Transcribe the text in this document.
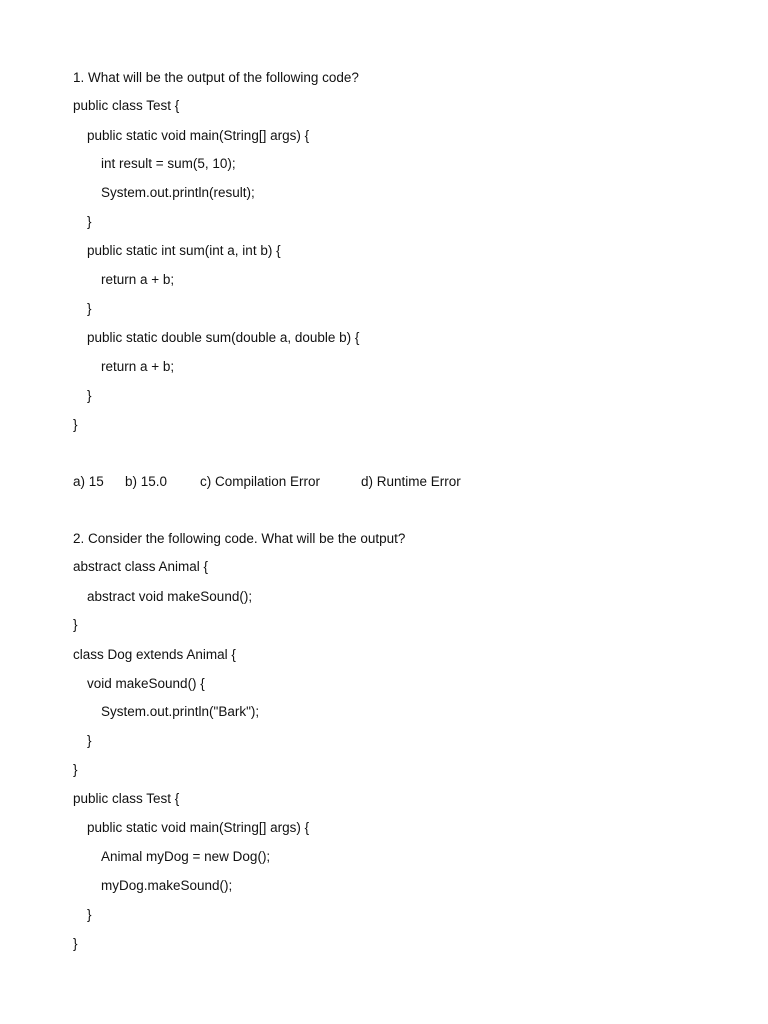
1. What will be the output of the following code?
public class Test {
public static void main(String[] args) {
int result = sum(5, 10);
System.out.println(result);
}
public static int sum(int a, int b) {
return a + b;
}
public static double sum(double a, double b) {
return a + b;
}
}
a) 15 b) 15.0 c) Compilation Error	d) Runtime Error
2. Consider the following code. What will be the output?
abstract class Animal {
abstract void makeSound();
}
class Dog extends Animal {
void makeSound() {
System.out.println("Bark");
}
}
public class Test {
public static void main(String[] args) {
Animal myDog = new Dog();
myDog.makeSound();
}
}
